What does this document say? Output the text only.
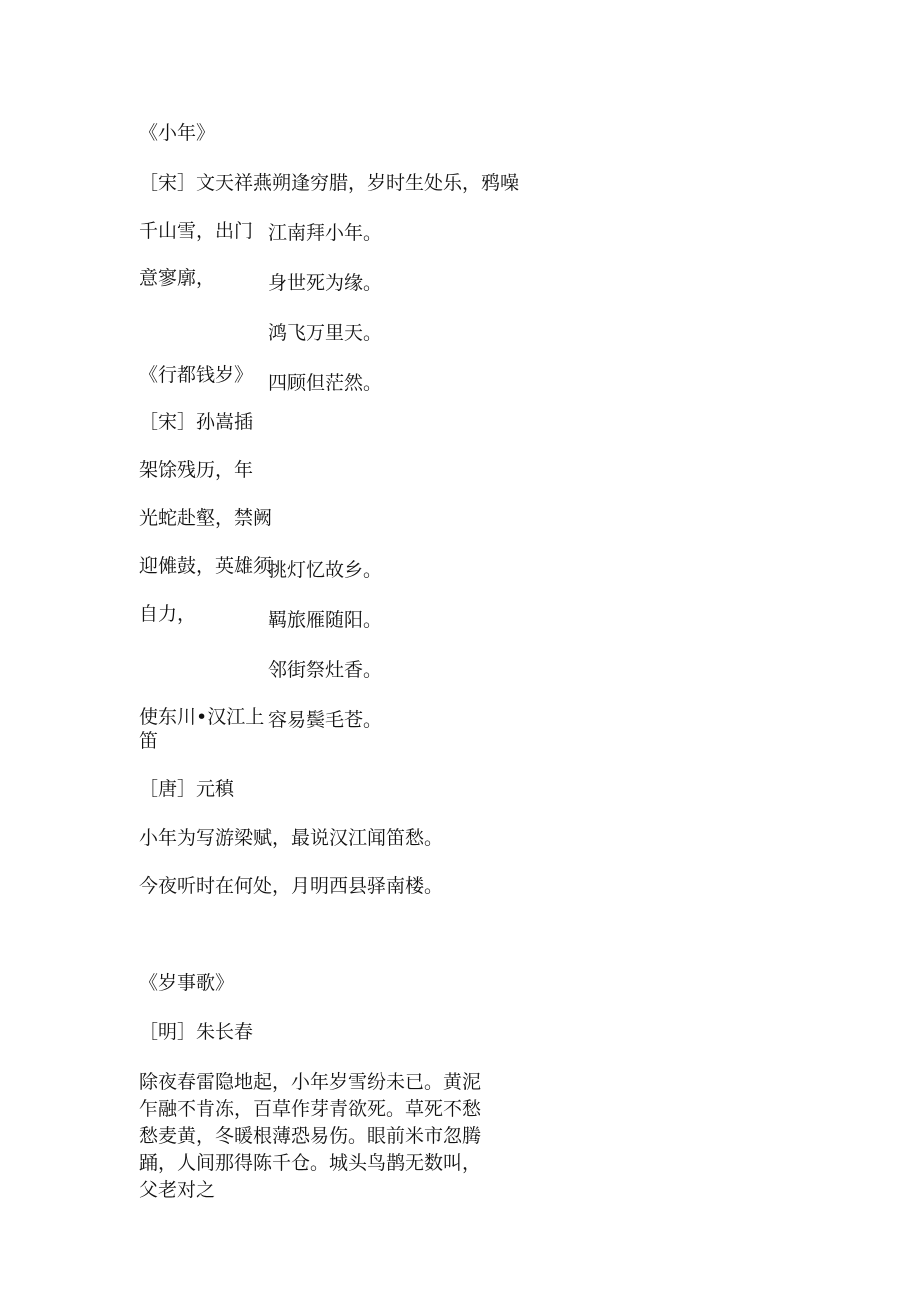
《小年》
［宋］文天祥燕朔逢穷腊，岁时生处乐，鸦噪
千山雪，出门
意寥廓，
江南拜小年。
身世死为缘。
鸿飞万里天。
四顾但茫然。
《行都钱岁》
［宋］孙嵩插
架馀残历，年
光蛇赴壑，禁阙
迎傩鼓，英雄须
自力，
挑灯忆故乡。
羁旅雁随阳。
邻街祭灶香。
容易鬓毛苍。
使东川•汉江上
笛
［唐］元稹
小年为写游梁赋，最说汉江闻笛愁。
今夜听时在何处，月明西县驿南楼。
《岁事歌》
［明］朱长春
除夜春雷隐地起，小年岁雪纷未已。黄泥乍融不肯冻，百草作芽青欲死。草死不愁愁麦黄，冬暖根薄恐易伤。眼前米市忽腾踊，人间那得陈千仓。城头鸟鹊无数叫，父老对之
